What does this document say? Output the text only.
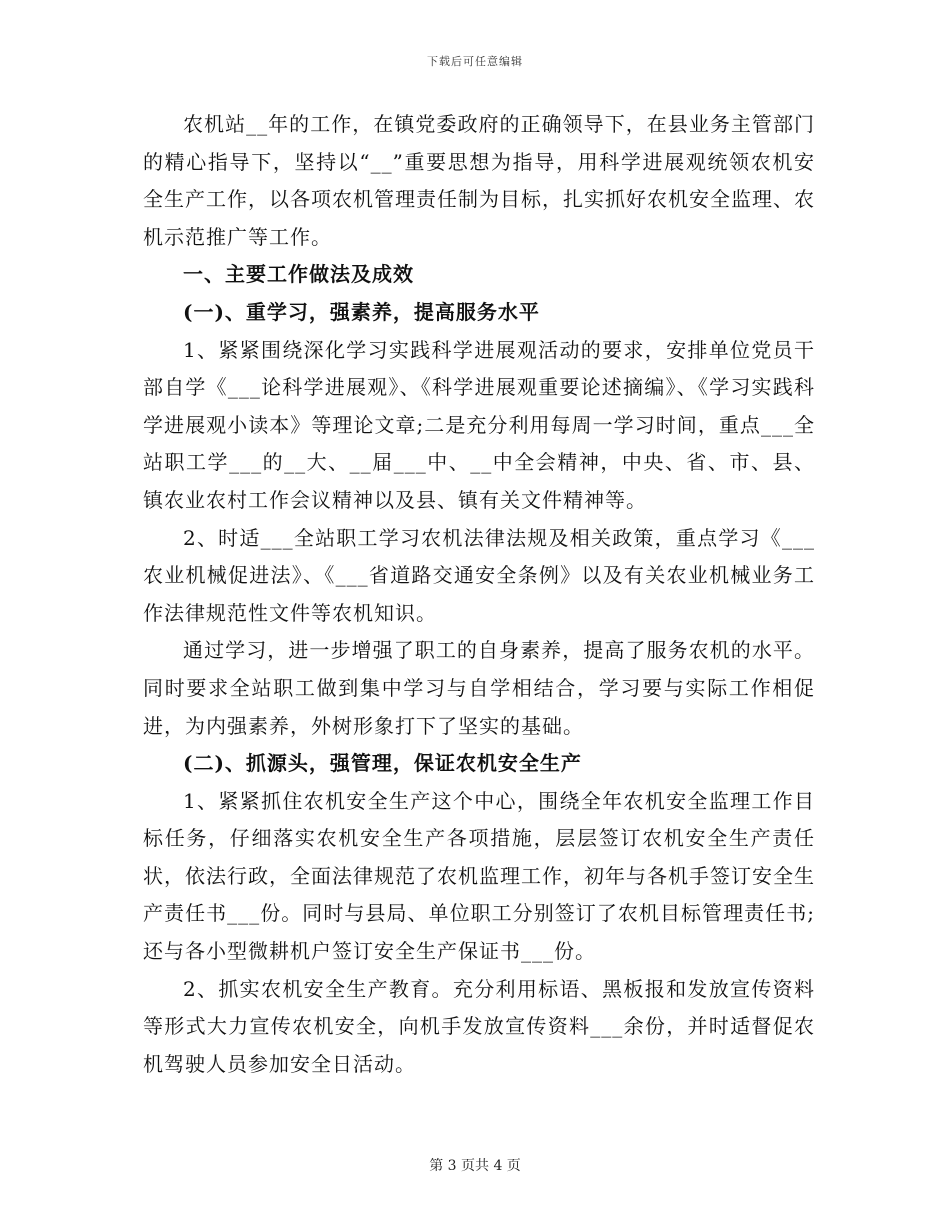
下载后可任意编辑

农机站__年的工作，在镇党委政府的正确领导下，在县业务主管部门的精心指导下，坚持以“__”重要思想为指导，用科学进展观统领农机安全生产工作，以各项农机管理责任制为目标，扎实抓好农机安全监理、农机示范推广等工作。

一、主要工作做法及成效

(一)、重学习，强素养，提高服务水平

1、紧紧围绕深化学习实践科学进展观活动的要求，安排单位党员干部自学《___论科学进展观》、《科学进展观重要论述摘编》、《学习实践科学进展观小读本》等理论文章;二是充分利用每周一学习时间，重点___全站职工学___的__大、__届___中、__中全会精神，中央、省、市、县、镇农业农村工作会议精神以及县、镇有关文件精神等。

2、时适___全站职工学习农机法律法规及相关政策，重点学习《___农业机械促进法》、《___省道路交通安全条例》以及有关农业机械业务工作法律规范性文件等农机知识。

通过学习，进一步增强了职工的自身素养，提高了服务农机的水平。同时要求全站职工做到集中学习与自学相结合，学习要与实际工作相促进，为内强素养，外树形象打下了坚实的基础。

(二)、抓源头，强管理，保证农机安全生产

1、紧紧抓住农机安全生产这个中心，围绕全年农机安全监理工作目标任务，仔细落实农机安全生产各项措施，层层签订农机安全生产责任状，依法行政，全面法律规范了农机监理工作，初年与各机手签订安全生产责任书___份。同时与县局、单位职工分别签订了农机目标管理责任书;还与各小型微耕机户签订安全生产保证书___份。

2、抓实农机安全生产教育。充分利用标语、黑板报和发放宣传资料等形式大力宣传农机安全，向机手发放宣传资料___余份，并时适督促农机驾驶人员参加安全日活动。

第 3 页共 4 页
